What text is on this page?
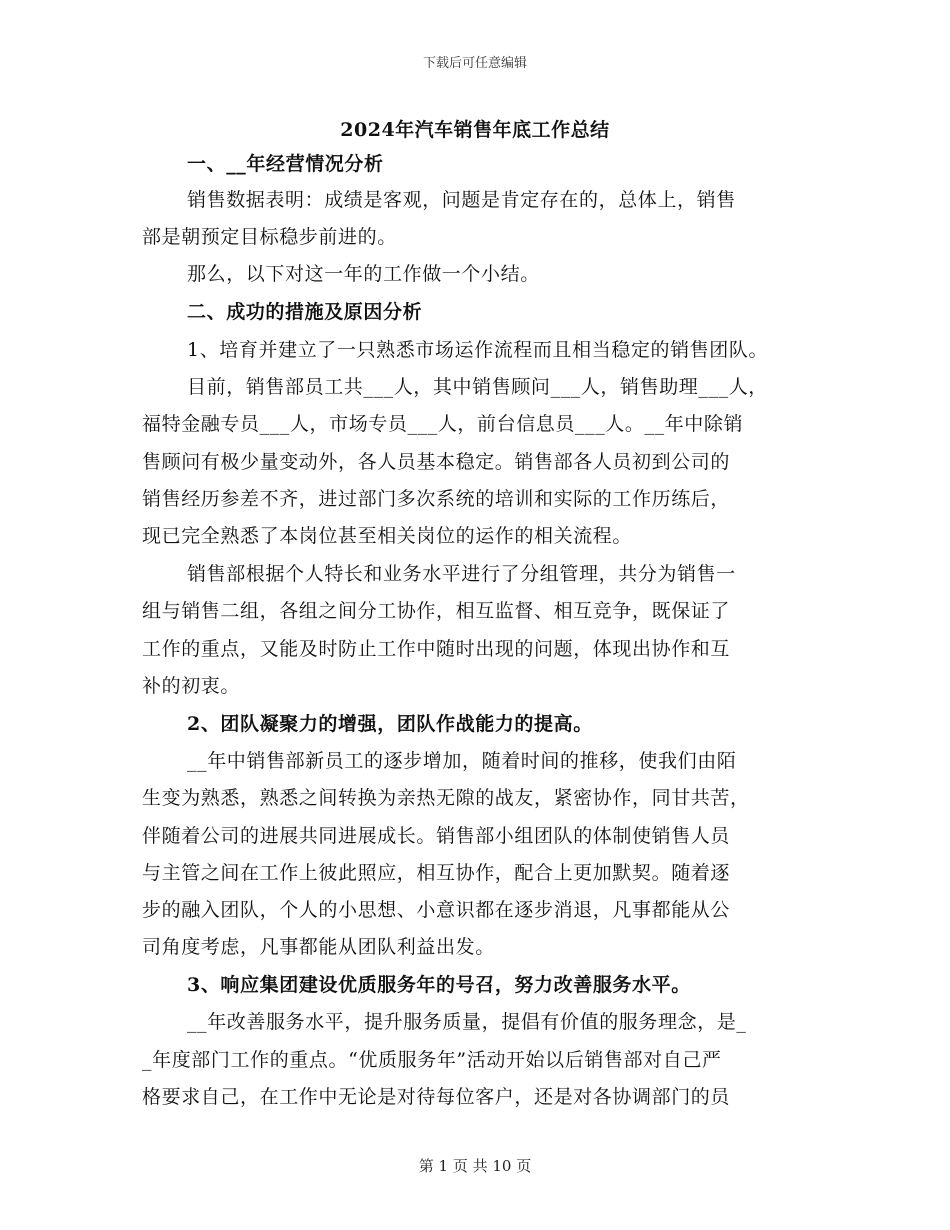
下载后可任意编辑
2024年汽车销售年底工作总结
一、__年经营情况分析
销售数据表明：成绩是客观，问题是肯定存在的，总体上，销售
部是朝预定目标稳步前进的。
那么，以下对这一年的工作做一个小结。
二、成功的措施及原因分析
1、培育并建立了一只熟悉市场运作流程而且相当稳定的销售团队。
目前，销售部员工共___人，其中销售顾问___人，销售助理___人，
福特金融专员___人，市场专员___人，前台信息员___人。__年中除销
售顾问有极少量变动外，各人员基本稳定。销售部各人员初到公司的
销售经历参差不齐，进过部门多次系统的培训和实际的工作历练后，
现已完全熟悉了本岗位甚至相关岗位的运作的相关流程。
销售部根据个人特长和业务水平进行了分组管理，共分为销售一
组与销售二组，各组之间分工协作，相互监督、相互竞争，既保证了
工作的重点，又能及时防止工作中随时出现的问题，体现出协作和互
补的初衷。
2、团队凝聚力的增强，团队作战能力的提高。
__年中销售部新员工的逐步增加，随着时间的推移，使我们由陌
生变为熟悉，熟悉之间转换为亲热无隙的战友，紧密协作，同甘共苦，
伴随着公司的进展共同进展成长。销售部小组团队的体制使销售人员
与主管之间在工作上彼此照应，相互协作，配合上更加默契。随着逐
步的融入团队，个人的小思想、小意识都在逐步消退，凡事都能从公
司角度考虑，凡事都能从团队利益出发。
3、响应集团建设优质服务年的号召，努力改善服务水平。
__年改善服务水平，提升服务质量，提倡有价值的服务理念，是_
_年度部门工作的重点。“优质服务年”活动开始以后销售部对自己严
格要求自己，在工作中无论是对待每位客户，还是对各协调部门的员
第 1 页 共 10 页
